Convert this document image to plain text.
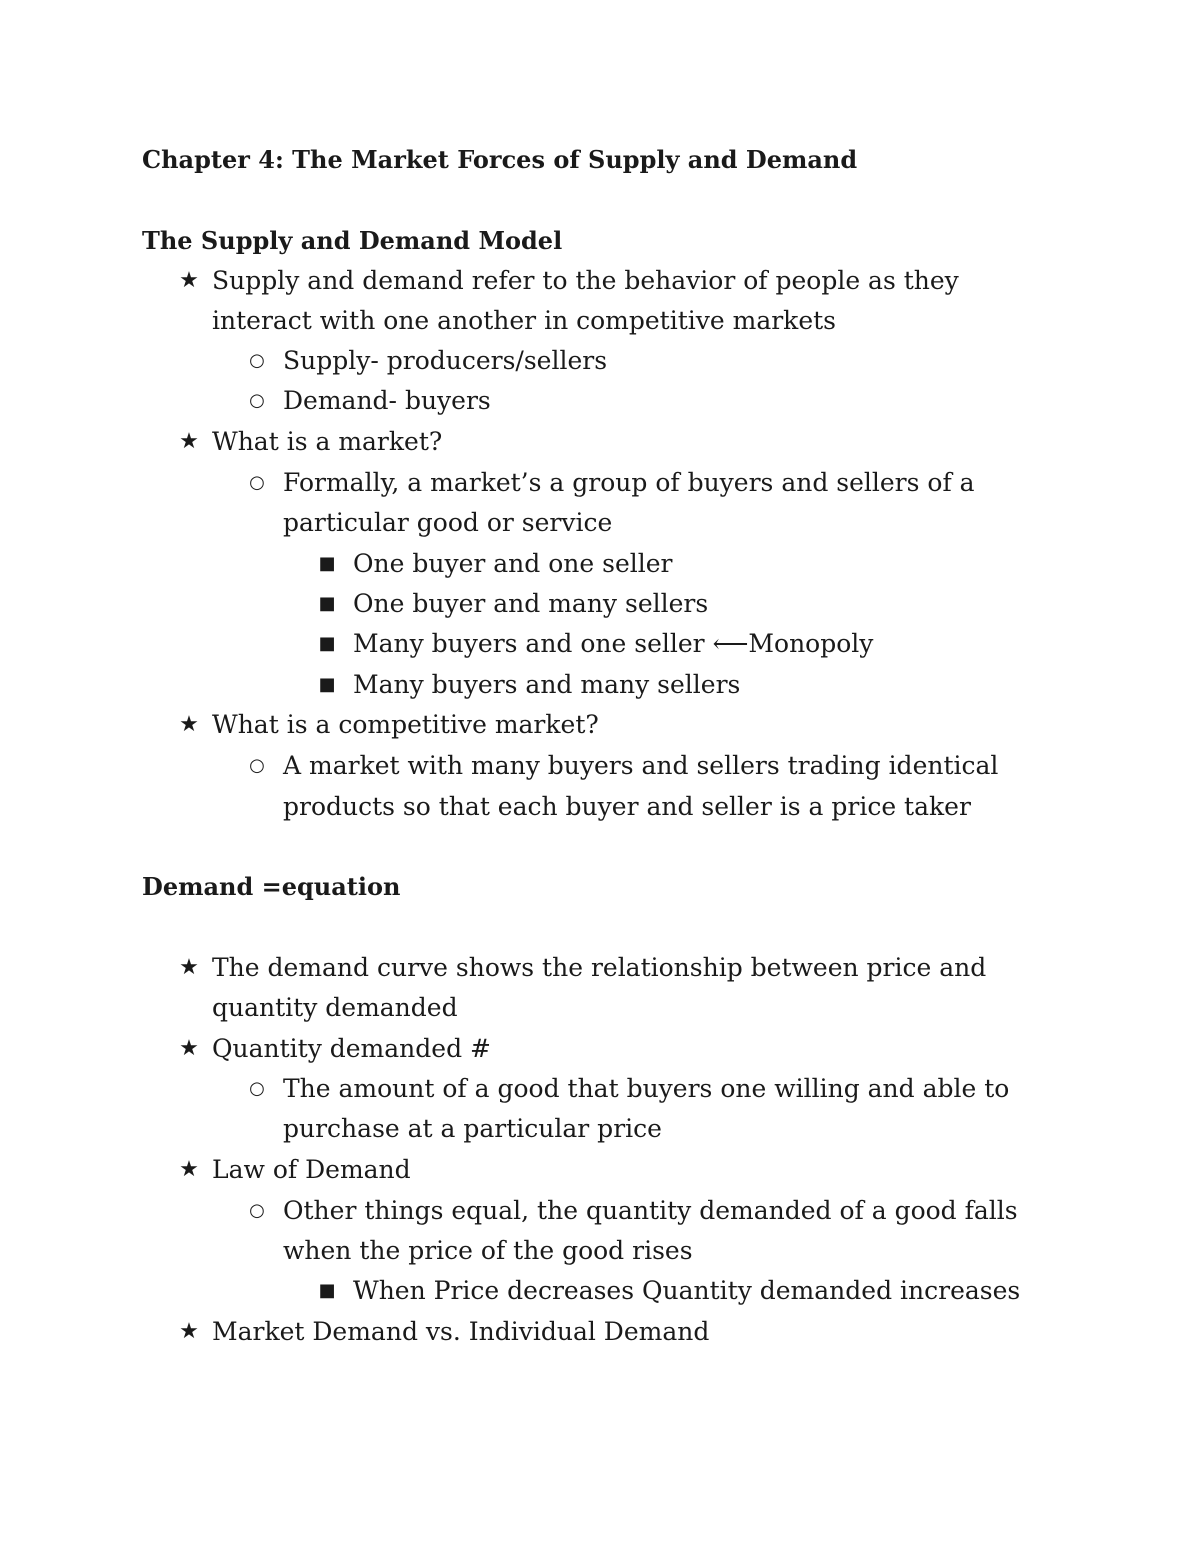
Chapter 4: The Market Forces of Supply and Demand
The Supply and Demand Model
★ Supply and demand refer to the behavior of people as they
interact with one another in competitive markets
○ Supply- producers/sellers
○ Demand- buyers
★ What is a market?
○ Formally, a market’s a group of buyers and sellers of a
particular good or service
■ One buyer and one seller
■ One buyer and many sellers
■ Many buyers and one seller ⟵Monopoly
■ Many buyers and many sellers
★ What is a competitive market?
○ A market with many buyers and sellers trading identical
products so that each buyer and seller is a price taker
Demand =equation
★ The demand curve shows the relationship between price and
quantity demanded
★ Quantity demanded #
○ The amount of a good that buyers one willing and able to
purchase at a particular price
★ Law of Demand
○ Other things equal, the quantity demanded of a good falls
when the price of the good rises
■ When Price decreases Quantity demanded increases
★ Market Demand vs. Individual Demand
